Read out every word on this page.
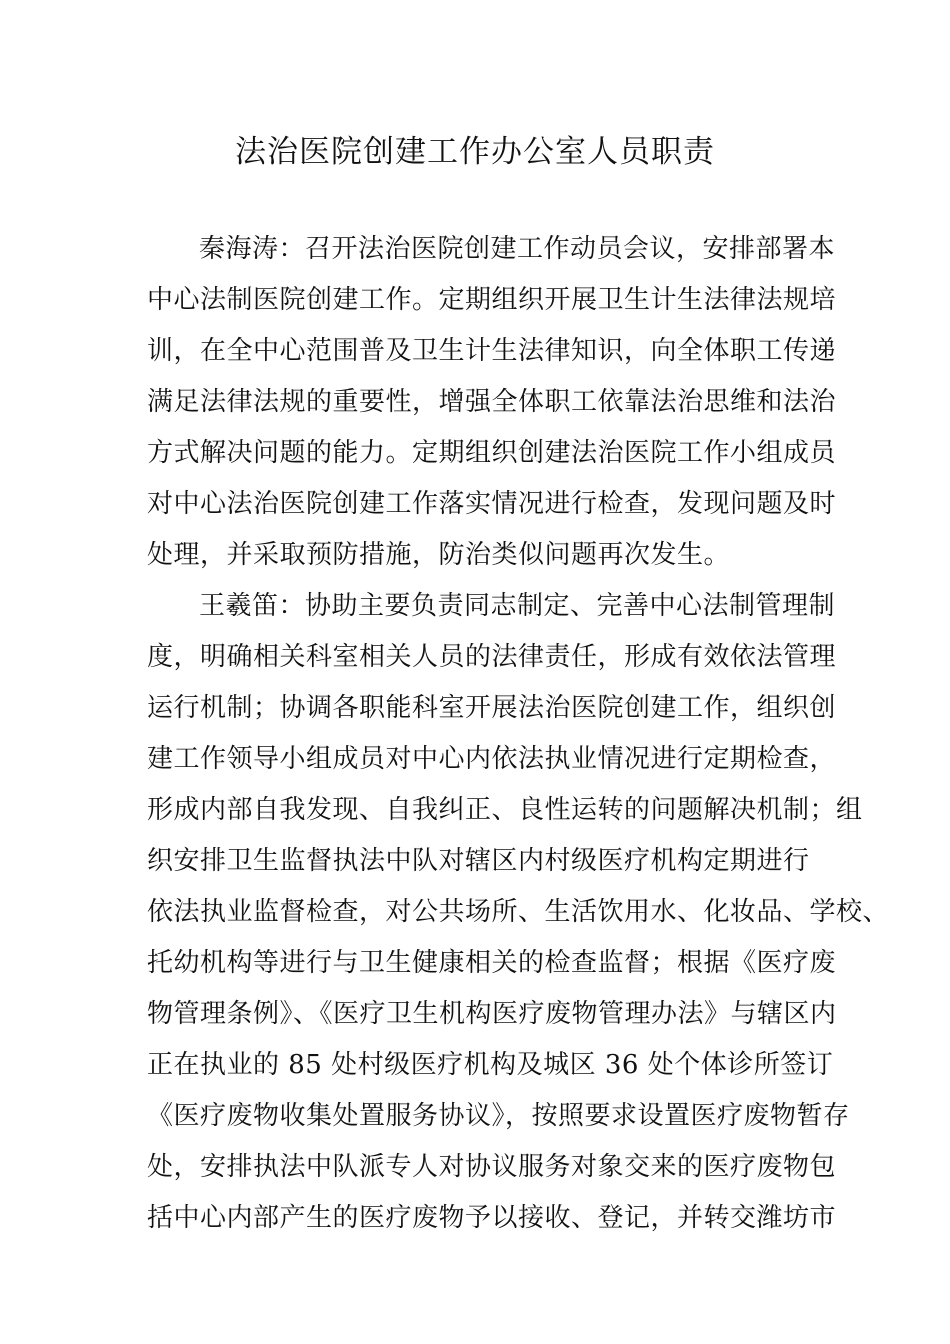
法治医院创建工作办公室人员职责
秦海涛：召开法治医院创建工作动员会议，安排部署本
中心法制医院创建工作。定期组织开展卫生计生法律法规培
训，在全中心范围普及卫生计生法律知识，向全体职工传递
满足法律法规的重要性，增强全体职工依靠法治思维和法治
方式解决问题的能力。定期组织创建法治医院工作小组成员
对中心法治医院创建工作落实情况进行检查，发现问题及时
处理，并采取预防措施，防治类似问题再次发生。
王羲笛：协助主要负责同志制定、完善中心法制管理制
度，明确相关科室相关人员的法律责任，形成有效依法管理
运行机制；协调各职能科室开展法治医院创建工作，组织创
建工作领导小组成员对中心内依法执业情况进行定期检查，
形成内部自我发现、自我纠正、良性运转的问题解决机制；组
织安排卫生监督执法中队对辖区内村级医疗机构定期进行
依法执业监督检查，对公共场所、生活饮用水、化妆品、学校、
托幼机构等进行与卫生健康相关的检查监督；根据《医疗废
物管理条例》、《医疗卫生机构医疗废物管理办法》与辖区内
正在执业的 85 处村级医疗机构及城区 36 处个体诊所签订
《医疗废物收集处置服务协议》，按照要求设置医疗废物暂存
处，安排执法中队派专人对协议服务对象交来的医疗废物包
括中心内部产生的医疗废物予以接收、登记，并转交潍坊市
